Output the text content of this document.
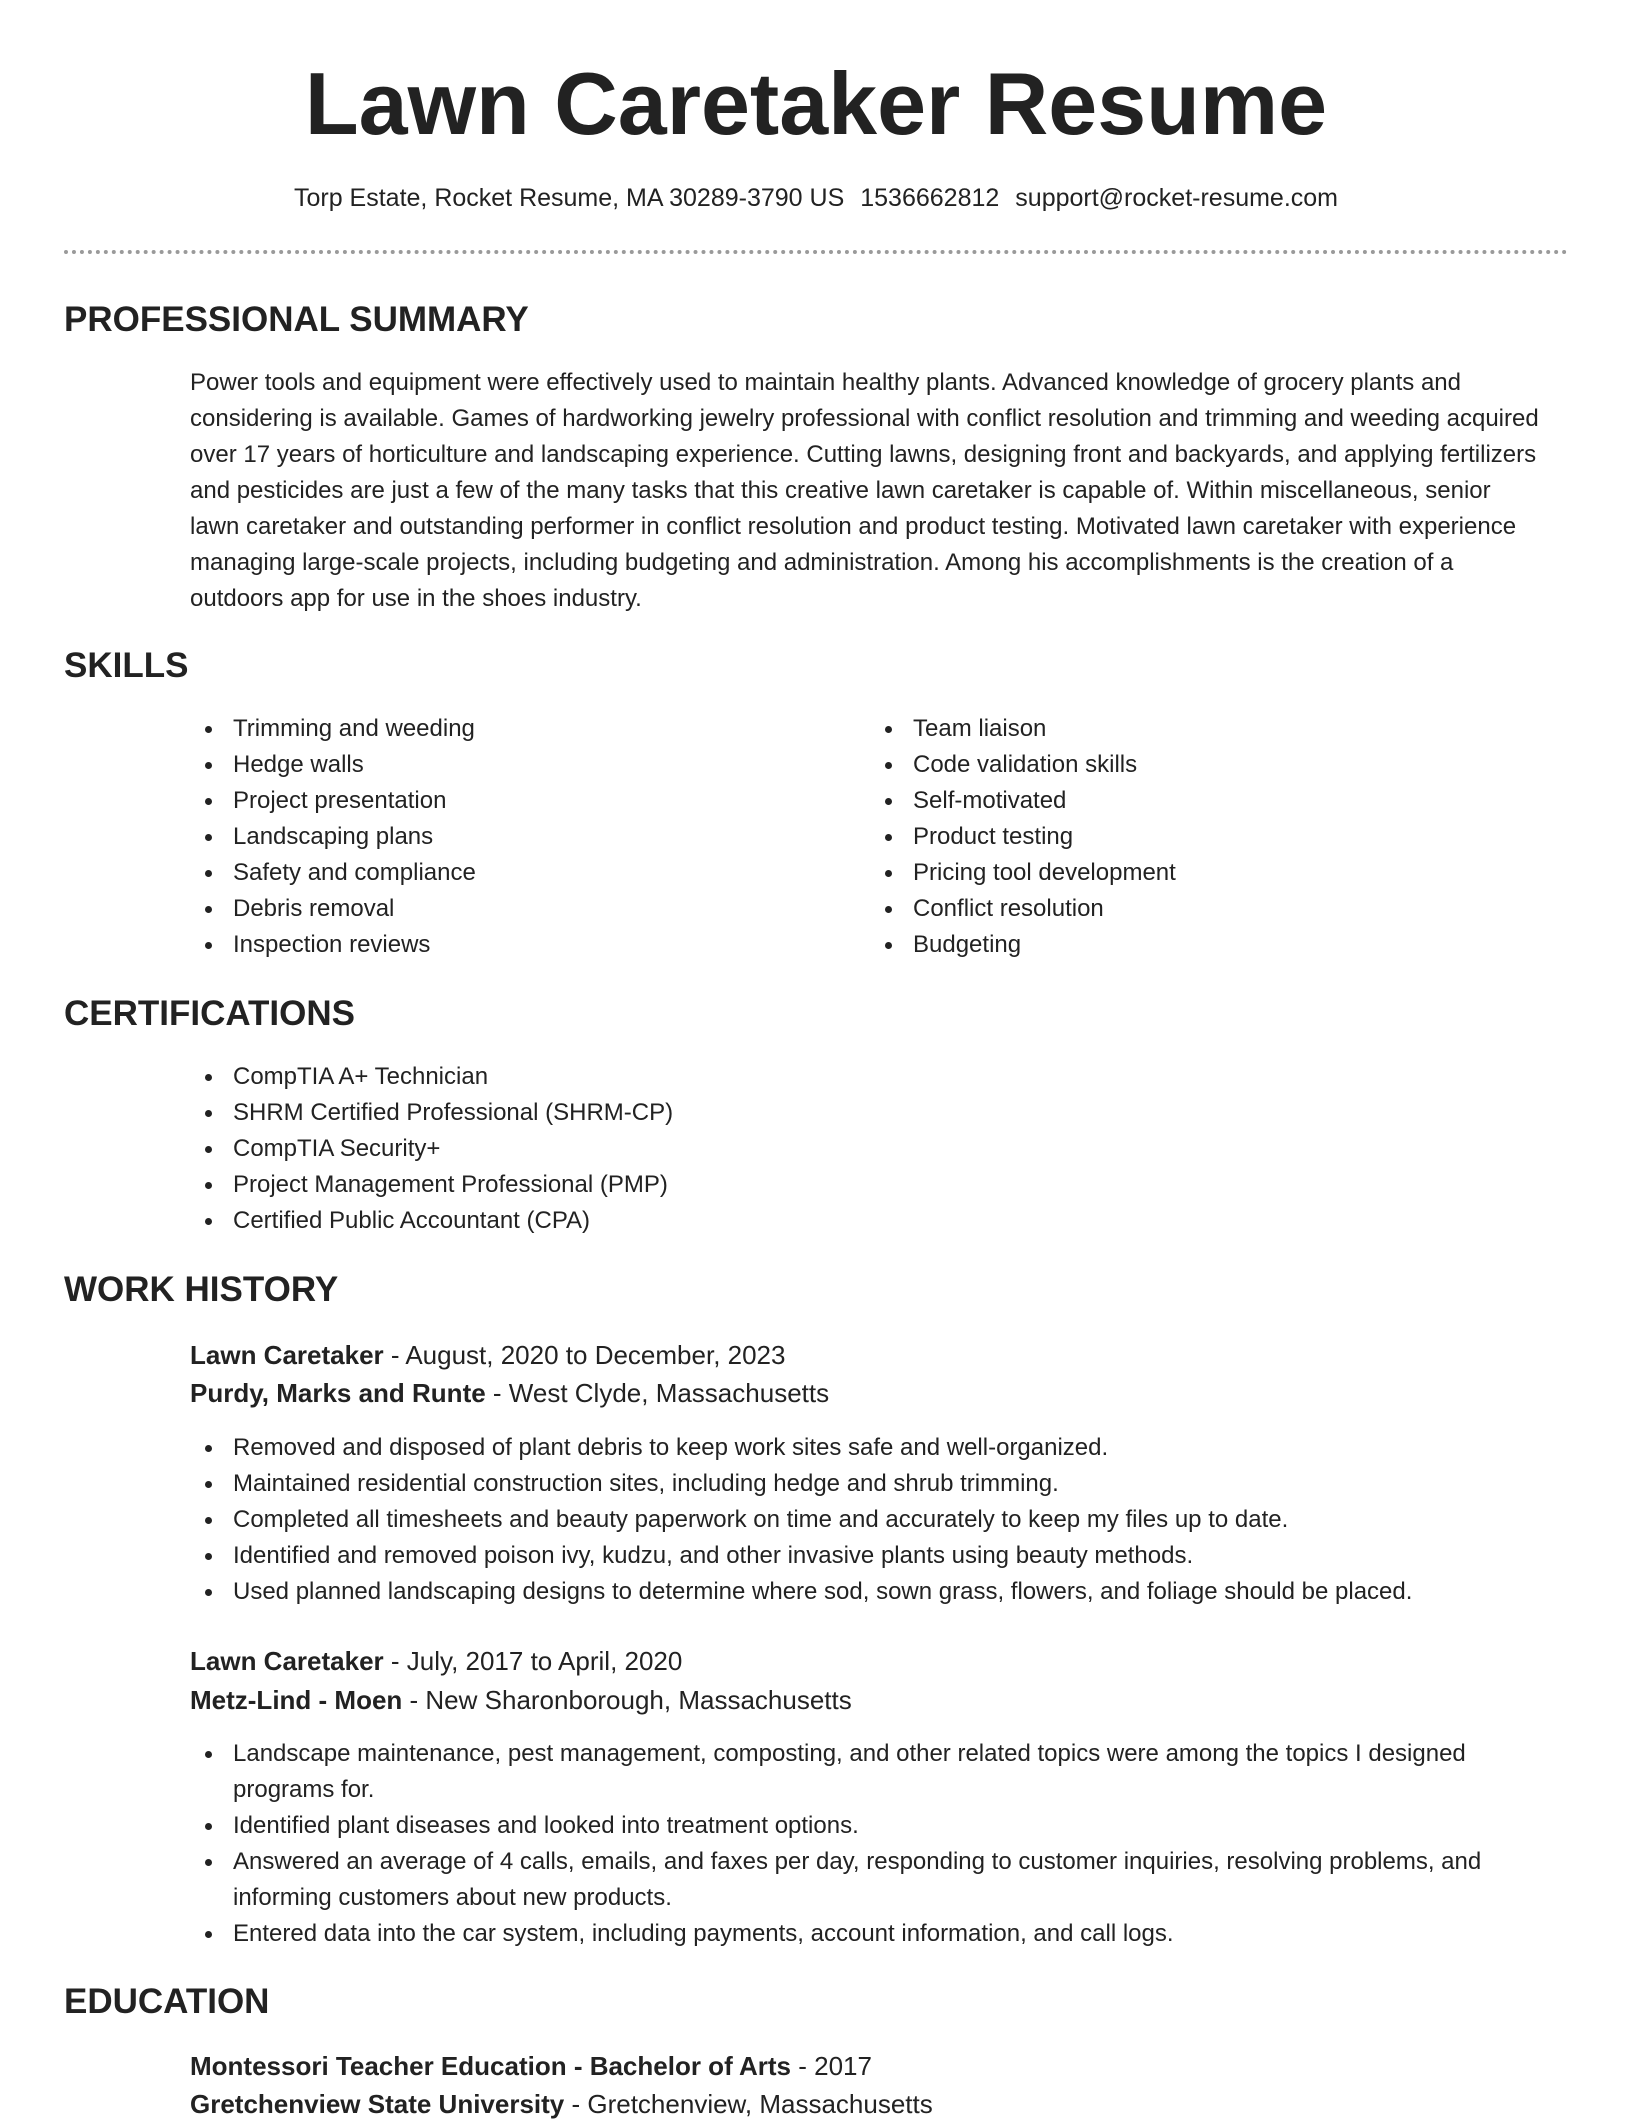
Lawn Caretaker Resume
Torp Estate, Rocket Resume, MA 30289-3790 US 1536662812 support@rocket-resume.com
PROFESSIONAL SUMMARY

Power tools and equipment were effectively used to maintain healthy plants. Advanced knowledge of grocery plants and considering is available. Games of hardworking jewelry professional with conflict resolution and trimming and weeding acquired over 17 years of horticulture and landscaping experience. Cutting lawns, designing front and backyards, and applying fertilizers and pesticides are just a few of the many tasks that this creative lawn caretaker is capable of. Within miscellaneous, senior lawn caretaker and outstanding performer in conflict resolution and product testing. Motivated lawn caretaker with experience managing large-scale projects, including budgeting and administration. Among his accomplishments is the creation of a outdoors app for use in the shoes industry.

SKILLS
Trimming and weeding
Hedge walls
Project presentation
Landscaping plans
Safety and compliance
Debris removal
Inspection reviews
Team liaison
Code validation skills
Self-motivated
Product testing
Pricing tool development
Conflict resolution
Budgeting
CERTIFICATIONS
CompTIA A+ Technician
SHRM Certified Professional (SHRM-CP)
CompTIA Security+
Project Management Professional (PMP)
Certified Public Accountant (CPA)
WORK HISTORY
Lawn Caretaker - August, 2020 to December, 2023
Purdy, Marks and Runte - West Clyde, Massachusetts
Removed and disposed of plant debris to keep work sites safe and well-organized.
Maintained residential construction sites, including hedge and shrub trimming.
Completed all timesheets and beauty paperwork on time and accurately to keep my files up to date.
Identified and removed poison ivy, kudzu, and other invasive plants using beauty methods.
Used planned landscaping designs to determine where sod, sown grass, flowers, and foliage should be placed.
Lawn Caretaker - July, 2017 to April, 2020
Metz-Lind - Moen - New Sharonborough, Massachusetts
Landscape maintenance, pest management, composting, and other related topics were among the topics I designed programs for.
Identified plant diseases and looked into treatment options.
Answered an average of 4 calls, emails, and faxes per day, responding to customer inquiries, resolving problems, and informing customers about new products.
Entered data into the car system, including payments, account information, and call logs.
EDUCATION
Montessori Teacher Education - Bachelor of Arts - 2017
Gretchenview State University - Gretchenview, Massachusetts
